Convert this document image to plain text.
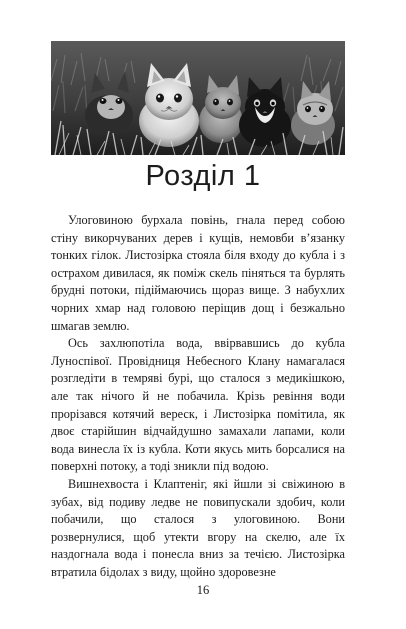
Розділ 1

Улоговиною бурхала повінь, гнала перед собою стіну викорчуваних дерев і кущів, немовби в’язанку тонких гілок. Листозірка стояла біля входу до кубла і з острахом дивилася, як поміж скель піняться та бурлять брудні потоки, підіймаючись щораз вище. З набухлих чорних хмар над головою періщив дощ і безжально шмагав землю.

Ось захлюпотіла вода, ввірвавшись до кубла Луноспівої. Провідниця Небесного Клану намагалася розгледіти в темряві бурі, що сталося з медикішкою, але так нічого й не побачила. Крізь ревіння води прорізався котячий вереск, і Листозірка помітила, як двоє старійшин відчайдушно замахали лапами, коли вода винесла їх із кубла. Коти якусь мить борсалися на поверхні потоку, а тоді зникли під водою.

Вишнехвоста і Клаптеніг, які йшли зі свіжиною в зубах, від подиву ледве не повипускали здобич, коли побачили, що сталося з улоговиною. Вони розвернулися, щоб утекти вгору на скелю, але їх наздогнала вода і понесла вниз за течією. Листозірка втратила бідолах з виду, щойно здоровезне

16
